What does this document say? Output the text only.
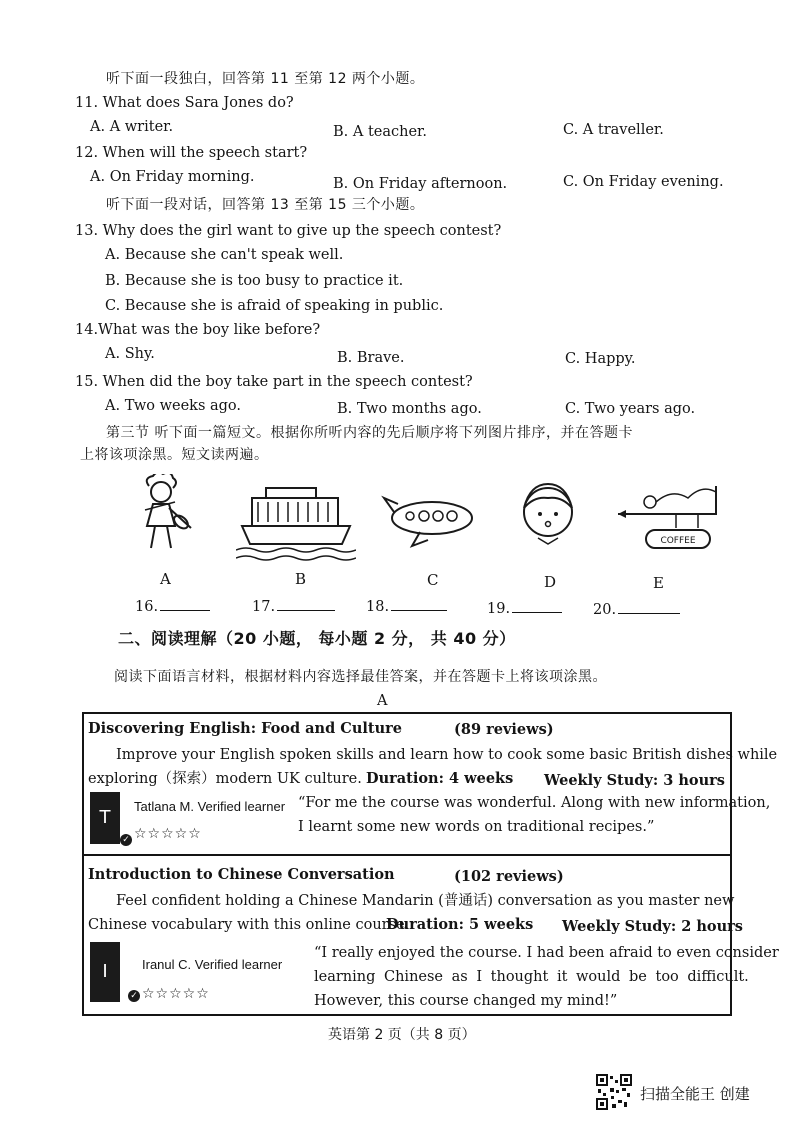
听下面一段独白，回答第 11 至第 12 两个小题。
11. What does Sara Jones do?
A. A writer.	B. A teacher.	C. A traveller.
12. When will the speech start?
A. On Friday morning.	B. On Friday afternoon.	C. On Friday evening.
听下面一段对话，回答第 13 至第 15 三个小题。
13. Why does the girl want to give up the speech contest?
A. Because she can't speak well.
B. Because she is too busy to practice it.
C. Because she is afraid of speaking in public.
14.What was the boy like before?
A. Shy.	B. Brave.	C. Happy.
15. When did the boy take part in the speech contest?
A. Two weeks ago.	B. Two months ago.	C. Two years ago.
第三节 听下面一篇短文。根据你所听内容的先后顺序将下列图片排序，并在答题卡
上将该项涂黑。短文读两遍。
COFFEE
A	B	C	D	E
16.	17.	18.	19.	20.
二、阅读理解（20 小题， 每小题 2 分， 共 40 分）
阅读下面语言材料，根据材料内容选择最佳答案，并在答题卡上将该项涂黑。
A
Discovering English: Food and Culture	(89 reviews)
Improve your English spoken skills and learn how to cook some basic British dishes while
exploring（探索）modern UK culture. Duration: 4 weeks Weekly Study: 3 hours
T
✓
Tatlana M. Verified learner
☆☆☆☆☆
“For me the course was wonderful. Along with new information,
I learnt some new words on traditional recipes.”
Introduction to Chinese Conversation	(102 reviews)
Feel confident holding a Chinese Mandarin (普通话) conversation as you master new
Chinese vocabulary with this online course.
Duration: 5 weeks Weekly Study: 2 hours
I
✓
Iranul C. Verified learner
☆☆☆☆☆
“I really enjoyed the course. I had been afraid to even consider
learning Chinese as I thought it would be too difficult.
However, this course changed my mind!”
英语第 2 页（共 8 页）
扫描全能王 创建
